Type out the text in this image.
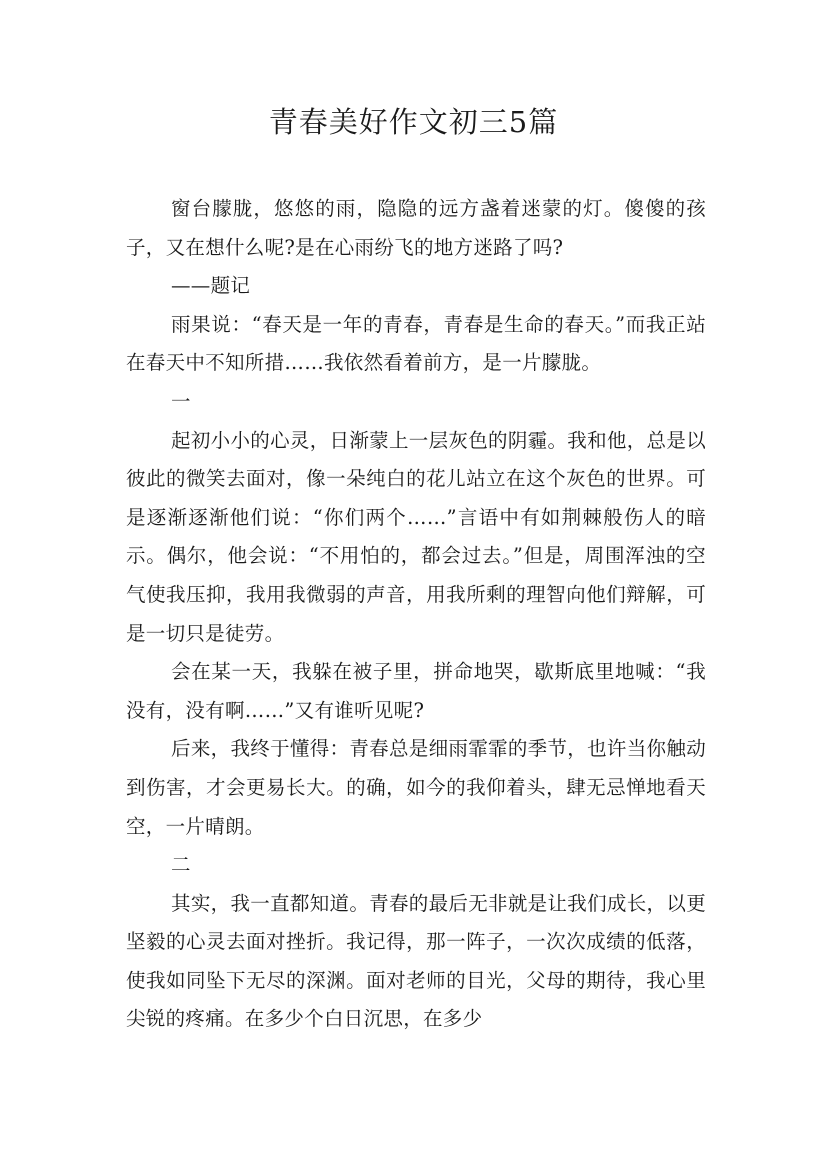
青春美好作文初三5篇

窗台朦胧，悠悠的雨，隐隐的远方盏着迷蒙的灯。傻傻的孩子，又在想什么呢?是在心雨纷飞的地方迷路了吗?

——题记

雨果说：“春天是一年的青春，青春是生命的春天。”而我正站在春天中不知所措……我依然看着前方，是一片朦胧。

一

起初小小的心灵，日渐蒙上一层灰色的阴霾。我和他，总是以彼此的微笑去面对，像一朵纯白的花儿站立在这个灰色的世界。可是逐渐逐渐他们说：“你们两个……”言语中有如荆棘般伤人的暗示。偶尔，他会说：“不用怕的，都会过去。”但是，周围浑浊的空气使我压抑，我用我微弱的声音，用我所剩的理智向他们辩解，可是一切只是徒劳。

会在某一天，我躲在被子里，拼命地哭，歇斯底里地喊：“我没有，没有啊……”又有谁听见呢?

后来，我终于懂得：青春总是细雨霏霏的季节，也许当你触动到伤害，才会更易长大。的确，如今的我仰着头，肆无忌惮地看天空，一片晴朗。

二

其实，我一直都知道。青春的最后无非就是让我们成长，以更坚毅的心灵去面对挫折。我记得，那一阵子，一次次成绩的低落，使我如同坠下无尽的深渊。面对老师的目光，父母的期待，我心里尖锐的疼痛。在多少个白日沉思，在多少
